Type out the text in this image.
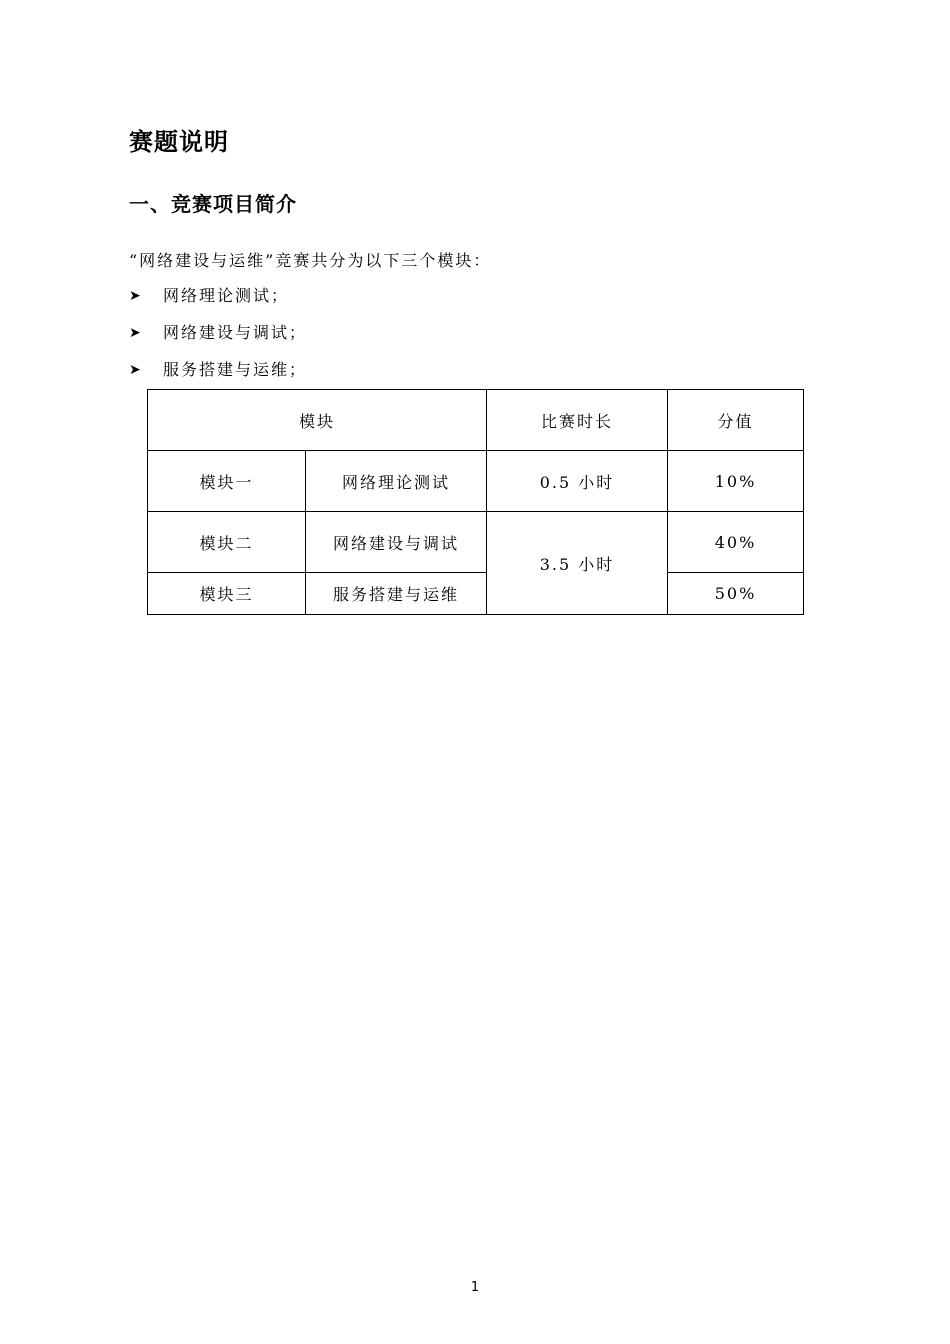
赛题说明
一、竞赛项目简介
“网络建设与运维”竞赛共分为以下三个模块：
➤	网络理论测试；
➤	网络建设与调试；
➤	服务搭建与运维；
模块		比赛时长	分值
模块一	网络理论测试	0.5 小时	10%
模块二	网络建设与调试	3.5 小时	40%
模块三	服务搭建与运维		50%
1
